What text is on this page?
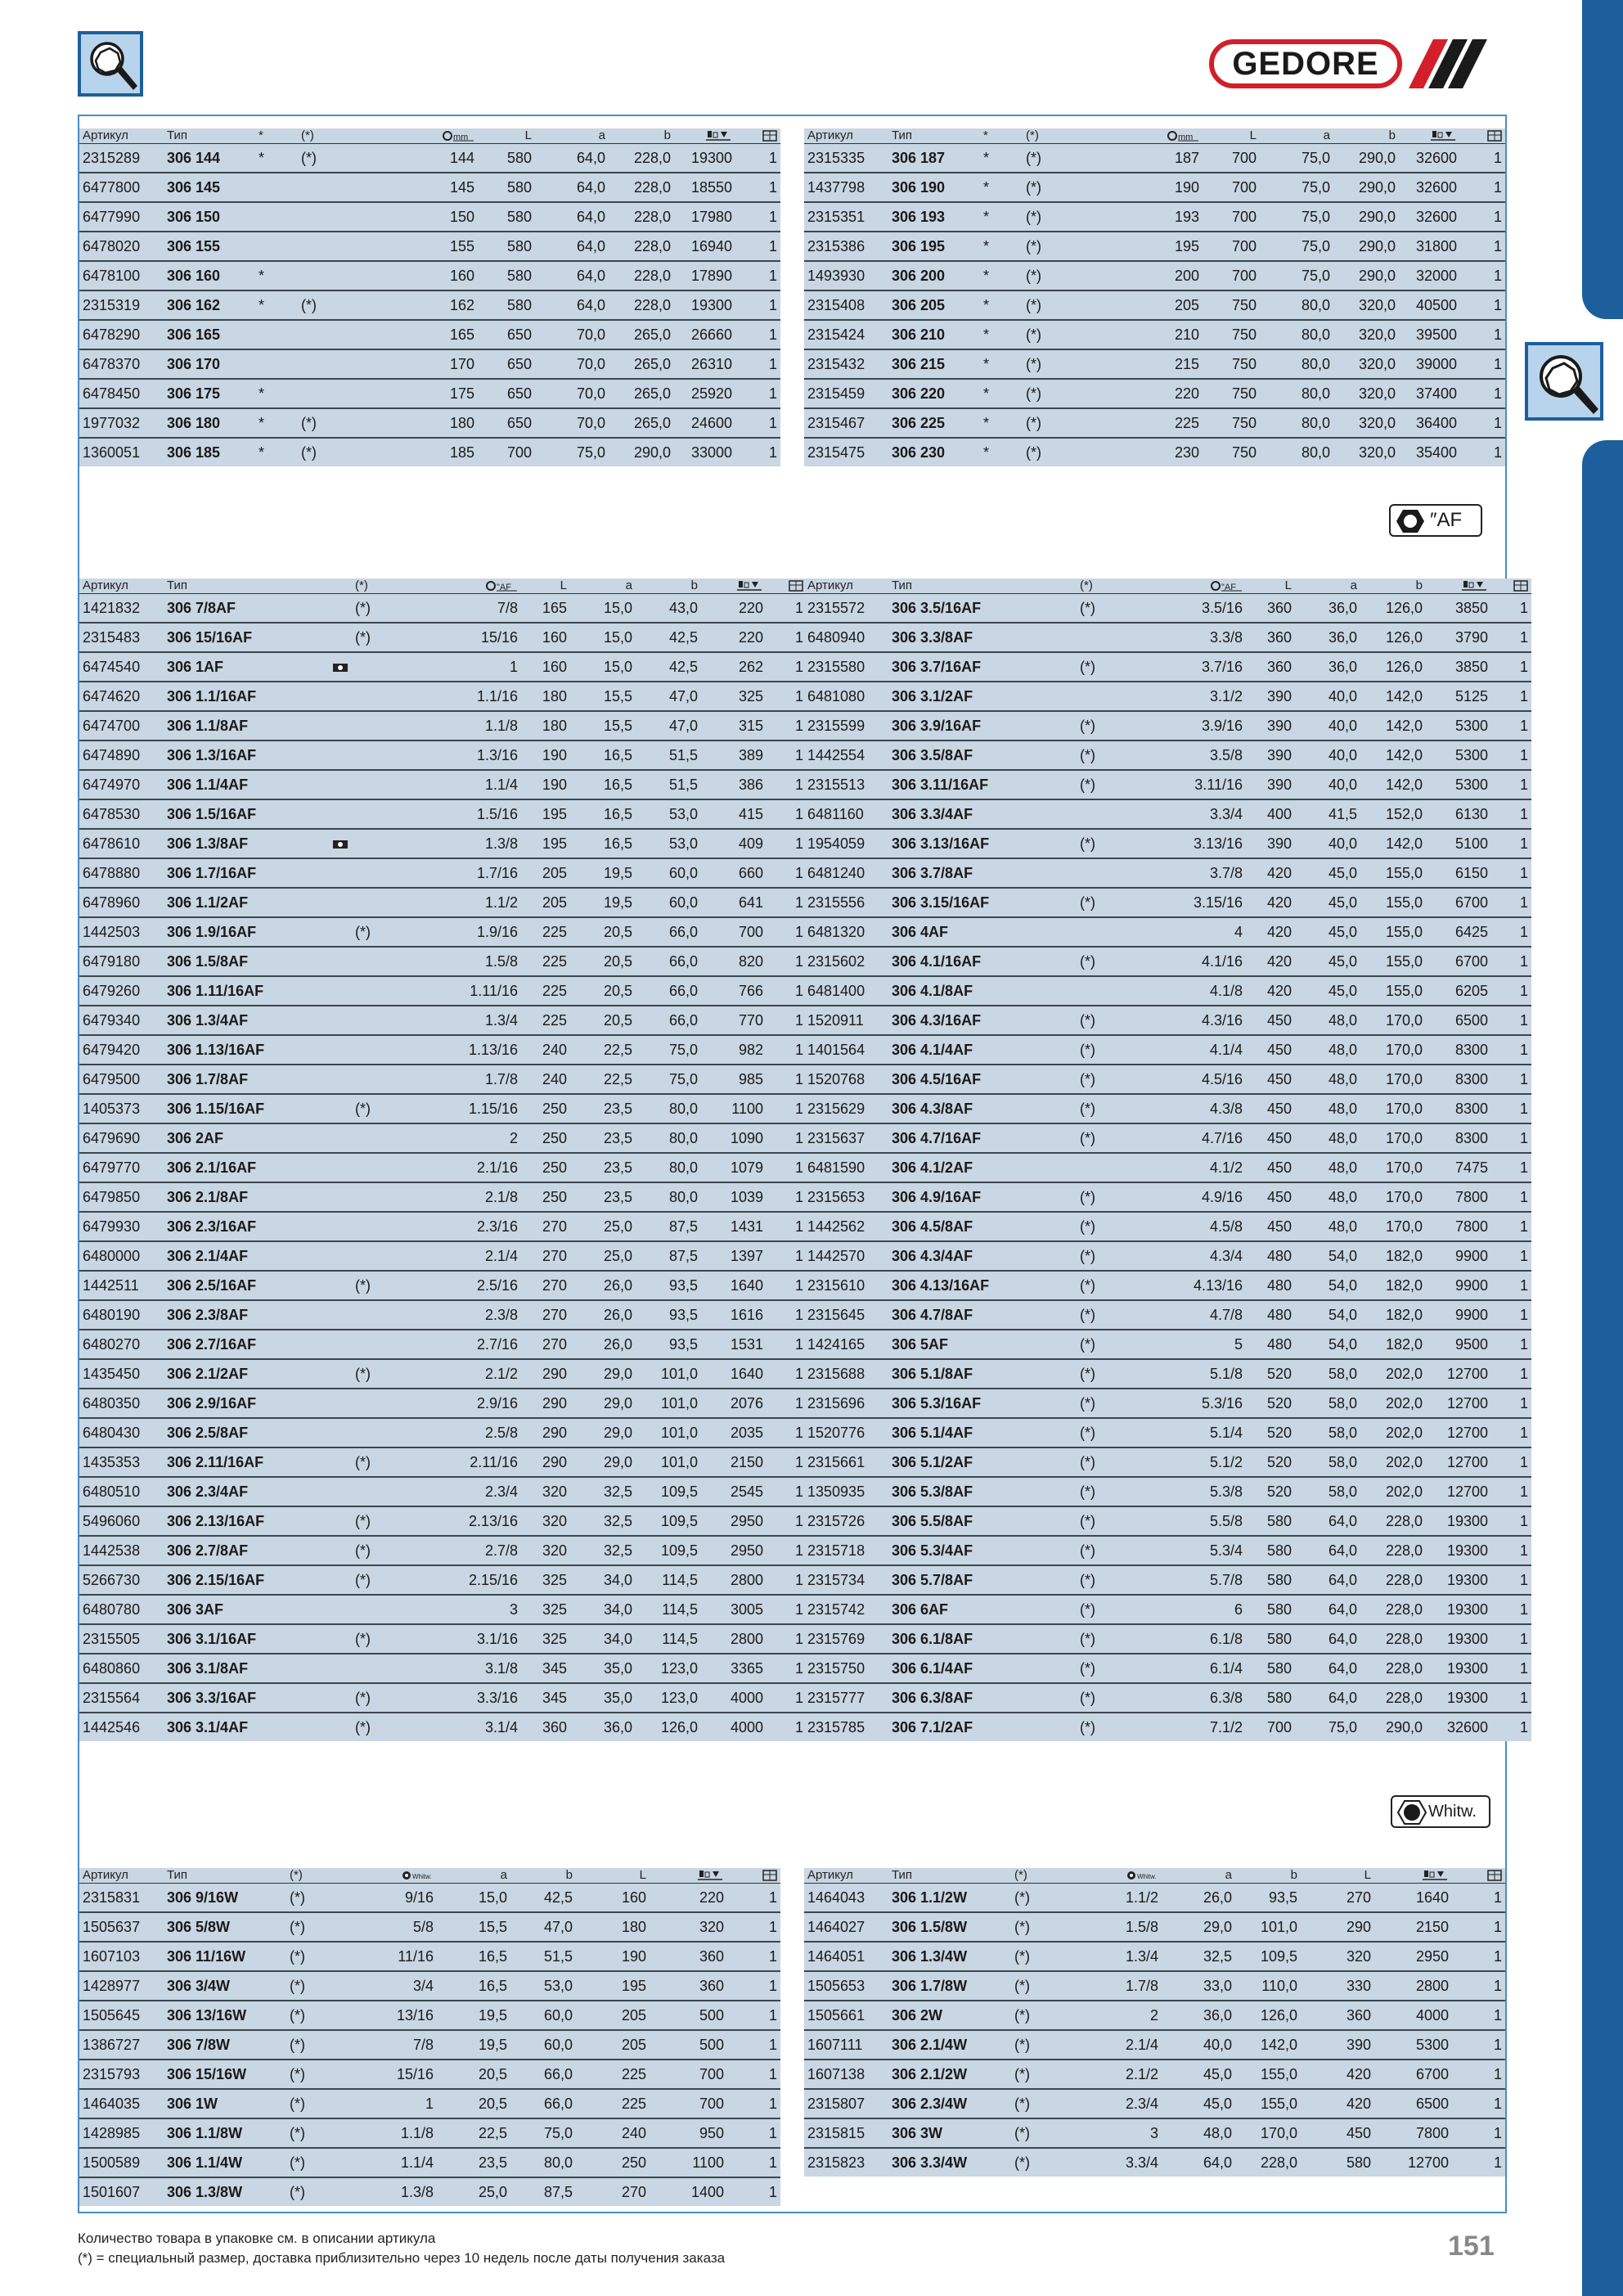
GEDORE
″AF
Whitw.
Артикул	Тип	*	(*)	mm	L	a	b		
2315289	306 144	*	(*)	144	580	64,0	228,0	19300	1
6477800	306 145			145	580	64,0	228,0	18550	1
6477990	306 150			150	580	64,0	228,0	17980	1
6478020	306 155			155	580	64,0	228,0	16940	1
6478100	306 160	*		160	580	64,0	228,0	17890	1
2315319	306 162	*	(*)	162	580	64,0	228,0	19300	1
6478290	306 165			165	650	70,0	265,0	26660	1
6478370	306 170			170	650	70,0	265,0	26310	1
6478450	306 175	*		175	650	70,0	265,0	25920	1
1977032	306 180	*	(*)	180	650	70,0	265,0	24600	1
1360051	306 185	*	(*)	185	700	75,0	290,0	33000	1
Артикул	Тип	*	(*)	mm	L	a	b		
2315335	306 187	*	(*)	187	700	75,0	290,0	32600	1
1437798	306 190	*	(*)	190	700	75,0	290,0	32600	1
2315351	306 193	*	(*)	193	700	75,0	290,0	32600	1
2315386	306 195	*	(*)	195	700	75,0	290,0	31800	1
1493930	306 200	*	(*)	200	700	75,0	290,0	32000	1
2315408	306 205	*	(*)	205	750	80,0	320,0	40500	1
2315424	306 210	*	(*)	210	750	80,0	320,0	39500	1
2315432	306 215	*	(*)	215	750	80,0	320,0	39000	1
2315459	306 220	*	(*)	220	750	80,0	320,0	37400	1
2315467	306 225	*	(*)	225	750	80,0	320,0	36400	1
2315475	306 230	*	(*)	230	750	80,0	320,0	35400	1
Артикул	Тип		(*)	"AF	L	a	b		
1421832	306 7/8AF		(*)	7/8	165	15,0	43,0	220	1
2315483	306 15/16AF		(*)	15/16	160	15,0	42,5	220	1
6474540	306 1AF			1	160	15,0	42,5	262	1
6474620	306 1.1/16AF			1.1/16	180	15,5	47,0	325	1
6474700	306 1.1/8AF			1.1/8	180	15,5	47,0	315	1
6474890	306 1.3/16AF			1.3/16	190	16,5	51,5	389	1
6474970	306 1.1/4AF			1.1/4	190	16,5	51,5	386	1
6478530	306 1.5/16AF			1.5/16	195	16,5	53,0	415	1
6478610	306 1.3/8AF			1.3/8	195	16,5	53,0	409	1
6478880	306 1.7/16AF			1.7/16	205	19,5	60,0	660	1
6478960	306 1.1/2AF			1.1/2	205	19,5	60,0	641	1
1442503	306 1.9/16AF		(*)	1.9/16	225	20,5	66,0	700	1
6479180	306 1.5/8AF			1.5/8	225	20,5	66,0	820	1
6479260	306 1.11/16AF			1.11/16	225	20,5	66,0	766	1
6479340	306 1.3/4AF			1.3/4	225	20,5	66,0	770	1
6479420	306 1.13/16AF			1.13/16	240	22,5	75,0	982	1
6479500	306 1.7/8AF			1.7/8	240	22,5	75,0	985	1
1405373	306 1.15/16AF		(*)	1.15/16	250	23,5	80,0	1100	1
6479690	306 2AF			2	250	23,5	80,0	1090	1
6479770	306 2.1/16AF			2.1/16	250	23,5	80,0	1079	1
6479850	306 2.1/8AF			2.1/8	250	23,5	80,0	1039	1
6479930	306 2.3/16AF			2.3/16	270	25,0	87,5	1431	1
6480000	306 2.1/4AF			2.1/4	270	25,0	87,5	1397	1
1442511	306 2.5/16AF		(*)	2.5/16	270	26,0	93,5	1640	1
6480190	306 2.3/8AF			2.3/8	270	26,0	93,5	1616	1
6480270	306 2.7/16AF			2.7/16	270	26,0	93,5	1531	1
1435450	306 2.1/2AF		(*)	2.1/2	290	29,0	101,0	1640	1
6480350	306 2.9/16AF			2.9/16	290	29,0	101,0	2076	1
6480430	306 2.5/8AF			2.5/8	290	29,0	101,0	2035	1
1435353	306 2.11/16AF		(*)	2.11/16	290	29,0	101,0	2150	1
6480510	306 2.3/4AF			2.3/4	320	32,5	109,5	2545	1
5496060	306 2.13/16AF		(*)	2.13/16	320	32,5	109,5	2950	1
1442538	306 2.7/8AF		(*)	2.7/8	320	32,5	109,5	2950	1
5266730	306 2.15/16AF		(*)	2.15/16	325	34,0	114,5	2800	1
6480780	306 3AF			3	325	34,0	114,5	3005	1
2315505	306 3.1/16AF		(*)	3.1/16	325	34,0	114,5	2800	1
6480860	306 3.1/8AF			3.1/8	345	35,0	123,0	3365	1
2315564	306 3.3/16AF		(*)	3.3/16	345	35,0	123,0	4000	1
1442546	306 3.1/4AF		(*)	3.1/4	360	36,0	126,0	4000	1
Артикул	Тип		(*)	"AF	L	a	b		
2315572	306 3.5/16AF		(*)	3.5/16	360	36,0	126,0	3850	1
6480940	306 3.3/8AF			3.3/8	360	36,0	126,0	3790	1
2315580	306 3.7/16AF		(*)	3.7/16	360	36,0	126,0	3850	1
6481080	306 3.1/2AF			3.1/2	390	40,0	142,0	5125	1
2315599	306 3.9/16AF		(*)	3.9/16	390	40,0	142,0	5300	1
1442554	306 3.5/8AF		(*)	3.5/8	390	40,0	142,0	5300	1
2315513	306 3.11/16AF		(*)	3.11/16	390	40,0	142,0	5300	1
6481160	306 3.3/4AF			3.3/4	400	41,5	152,0	6130	1
1954059	306 3.13/16AF		(*)	3.13/16	390	40,0	142,0	5100	1
6481240	306 3.7/8AF			3.7/8	420	45,0	155,0	6150	1
2315556	306 3.15/16AF		(*)	3.15/16	420	45,0	155,0	6700	1
6481320	306 4AF			4	420	45,0	155,0	6425	1
2315602	306 4.1/16AF		(*)	4.1/16	420	45,0	155,0	6700	1
6481400	306 4.1/8AF			4.1/8	420	45,0	155,0	6205	1
1520911	306 4.3/16AF		(*)	4.3/16	450	48,0	170,0	6500	1
1401564	306 4.1/4AF		(*)	4.1/4	450	48,0	170,0	8300	1
1520768	306 4.5/16AF		(*)	4.5/16	450	48,0	170,0	8300	1
2315629	306 4.3/8AF		(*)	4.3/8	450	48,0	170,0	8300	1
2315637	306 4.7/16AF		(*)	4.7/16	450	48,0	170,0	8300	1
6481590	306 4.1/2AF			4.1/2	450	48,0	170,0	7475	1
2315653	306 4.9/16AF		(*)	4.9/16	450	48,0	170,0	7800	1
1442562	306 4.5/8AF		(*)	4.5/8	450	48,0	170,0	7800	1
1442570	306 4.3/4AF		(*)	4.3/4	480	54,0	182,0	9900	1
2315610	306 4.13/16AF		(*)	4.13/16	480	54,0	182,0	9900	1
2315645	306 4.7/8AF		(*)	4.7/8	480	54,0	182,0	9900	1
1424165	306 5AF		(*)	5	480	54,0	182,0	9500	1
2315688	306 5.1/8AF		(*)	5.1/8	520	58,0	202,0	12700	1
2315696	306 5.3/16AF		(*)	5.3/16	520	58,0	202,0	12700	1
1520776	306 5.1/4AF		(*)	5.1/4	520	58,0	202,0	12700	1
2315661	306 5.1/2AF		(*)	5.1/2	520	58,0	202,0	12700	1
1350935	306 5.3/8AF		(*)	5.3/8	520	58,0	202,0	12700	1
2315726	306 5.5/8AF		(*)	5.5/8	580	64,0	228,0	19300	1
2315718	306 5.3/4AF		(*)	5.3/4	580	64,0	228,0	19300	1
2315734	306 5.7/8AF		(*)	5.7/8	580	64,0	228,0	19300	1
2315742	306 6AF		(*)	6	580	64,0	228,0	19300	1
2315769	306 6.1/8AF		(*)	6.1/8	580	64,0	228,0	19300	1
2315750	306 6.1/4AF		(*)	6.1/4	580	64,0	228,0	19300	1
2315777	306 6.3/8AF		(*)	6.3/8	580	64,0	228,0	19300	1
2315785	306 7.1/2AF		(*)	7.1/2	700	75,0	290,0	32600	1
Артикул	Тип	(*)	Whitw.	a	b	L		
2315831	306 9/16W	(*)	9/16	15,0	42,5	160	220	1
1505637	306 5/8W	(*)	5/8	15,5	47,0	180	320	1
1607103	306 11/16W	(*)	11/16	16,5	51,5	190	360	1
1428977	306 3/4W	(*)	3/4	16,5	53,0	195	360	1
1505645	306 13/16W	(*)	13/16	19,5	60,0	205	500	1
1386727	306 7/8W	(*)	7/8	19,5	60,0	205	500	1
2315793	306 15/16W	(*)	15/16	20,5	66,0	225	700	1
1464035	306 1W	(*)	1	20,5	66,0	225	700	1
1428985	306 1.1/8W	(*)	1.1/8	22,5	75,0	240	950	1
1500589	306 1.1/4W	(*)	1.1/4	23,5	80,0	250	1100	1
1501607	306 1.3/8W	(*)	1.3/8	25,0	87,5	270	1400	1
Артикул	Тип	(*)	Whitw.	a	b	L		
1464043	306 1.1/2W	(*)	1.1/2	26,0	93,5	270	1640	1
1464027	306 1.5/8W	(*)	1.5/8	29,0	101,0	290	2150	1
1464051	306 1.3/4W	(*)	1.3/4	32,5	109,5	320	2950	1
1505653	306 1.7/8W	(*)	1.7/8	33,0	110,0	330	2800	1
1505661	306 2W	(*)	2	36,0	126,0	360	4000	1
1607111	306 2.1/4W	(*)	2.1/4	40,0	142,0	390	5300	1
1607138	306 2.1/2W	(*)	2.1/2	45,0	155,0	420	6700	1
2315807	306 2.3/4W	(*)	2.3/4	45,0	155,0	420	6500	1
2315815	306 3W	(*)	3	48,0	170,0	450	7800	1
2315823	306 3.3/4W	(*)	3.3/4	64,0	228,0	580	12700	1
Количество товара в упаковке см. в описании артикула
(*) = специальный размер, доставка приблизительно через 10 недель после даты получения заказа	151
